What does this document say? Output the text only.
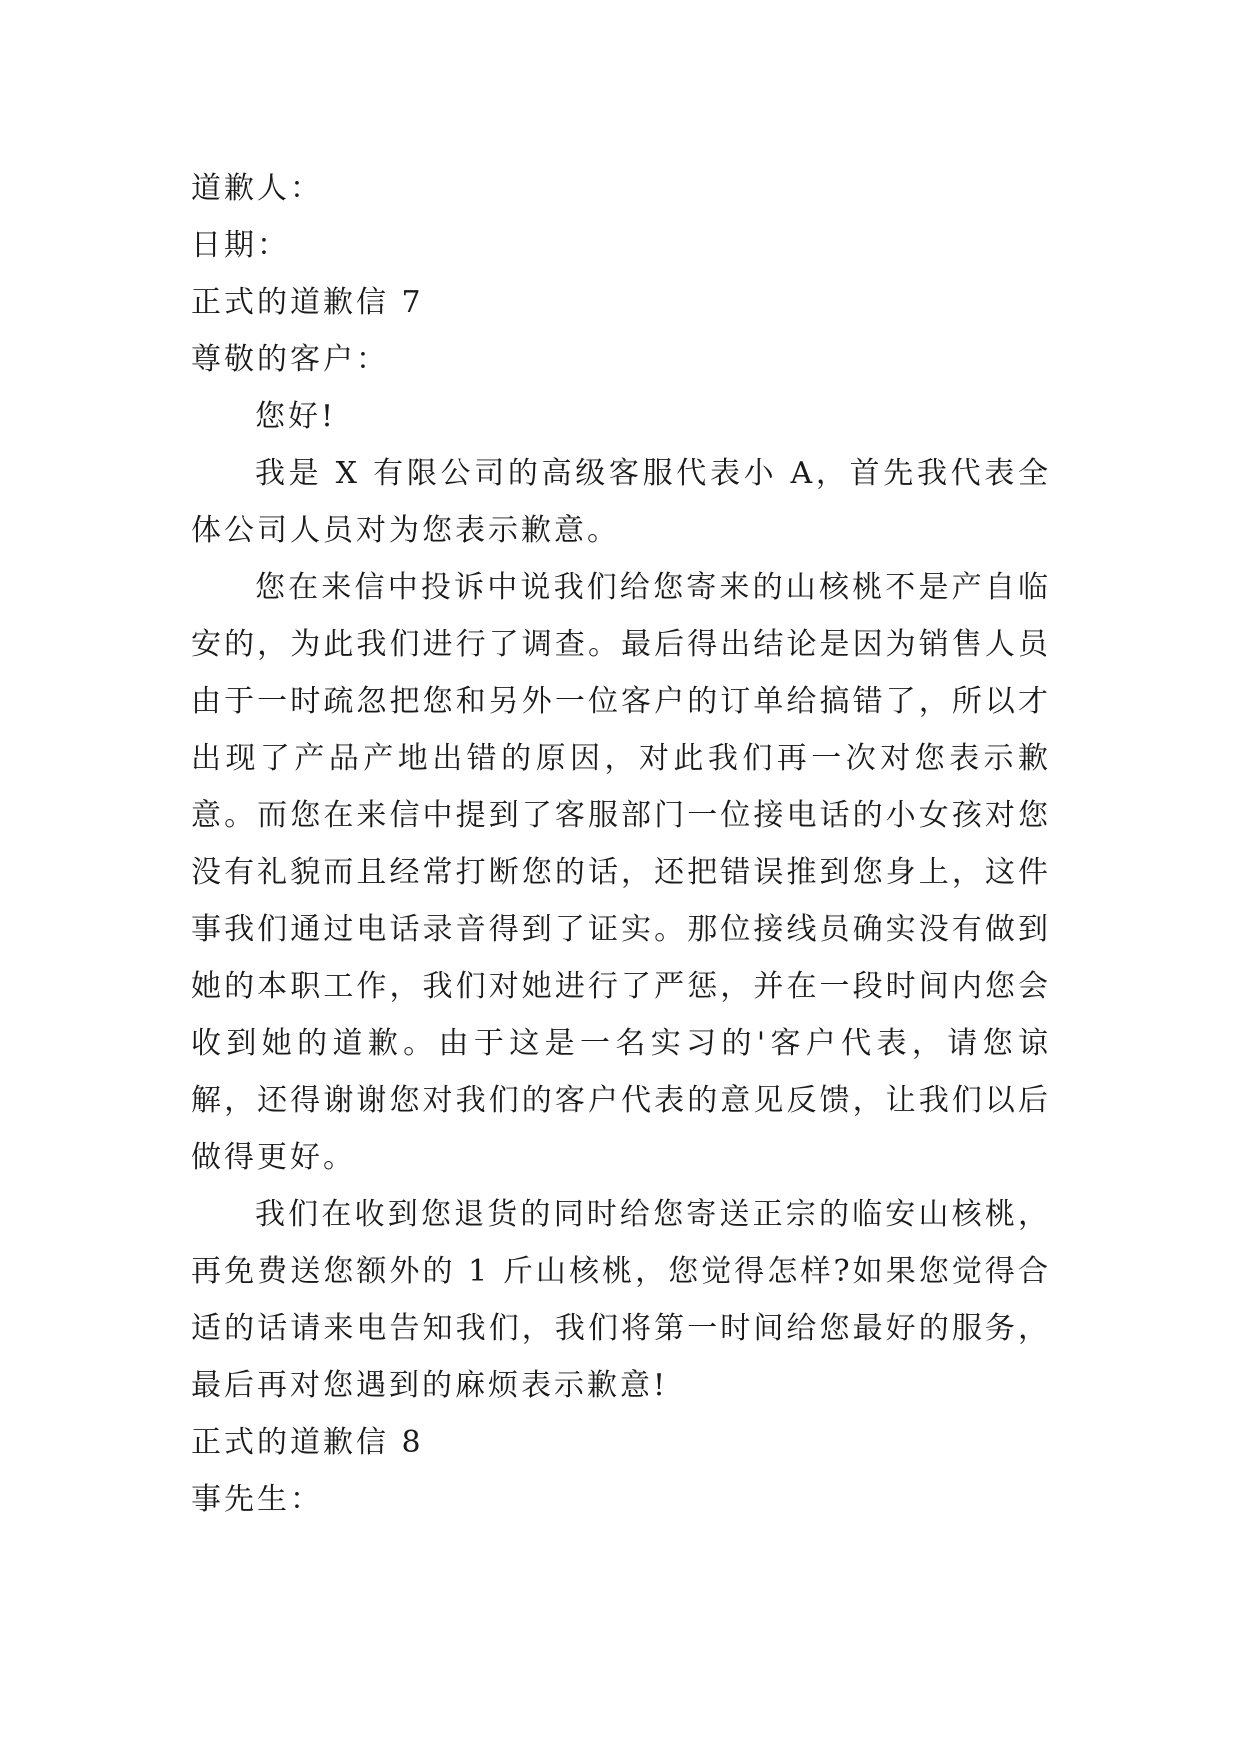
道歉人：

日期：

正式的道歉信 7

尊敬的客户：

您好!

我是 X 有限公司的高级客服代表小 A，首先我代表全体公司人员对为您表示歉意。

您在来信中投诉中说我们给您寄来的山核桃不是产自临安的，为此我们进行了调查。最后得出结论是因为销售人员由于一时疏忽把您和另外一位客户的订单给搞错了，所以才出现了产品产地出错的原因，对此我们再一次对您表示歉意。而您在来信中提到了客服部门一位接电话的小女孩对您没有礼貌而且经常打断您的话，还把错误推到您身上，这件事我们通过电话录音得到了证实。那位接线员确实没有做到她的本职工作，我们对她进行了严惩，并在一段时间内您会收到她的道歉。由于这是一名实习的'客户代表，请您谅解，还得谢谢您对我们的客户代表的意见反馈，让我们以后做得更好。

我们在收到您退货的同时给您寄送正宗的临安山核桃，再免费送您额外的 1 斤山核桃，您觉得怎样?如果您觉得合适的话请来电告知我们，我们将第一时间给您最好的服务，最后再对您遇到的麻烦表示歉意!

正式的道歉信 8

事先生：
